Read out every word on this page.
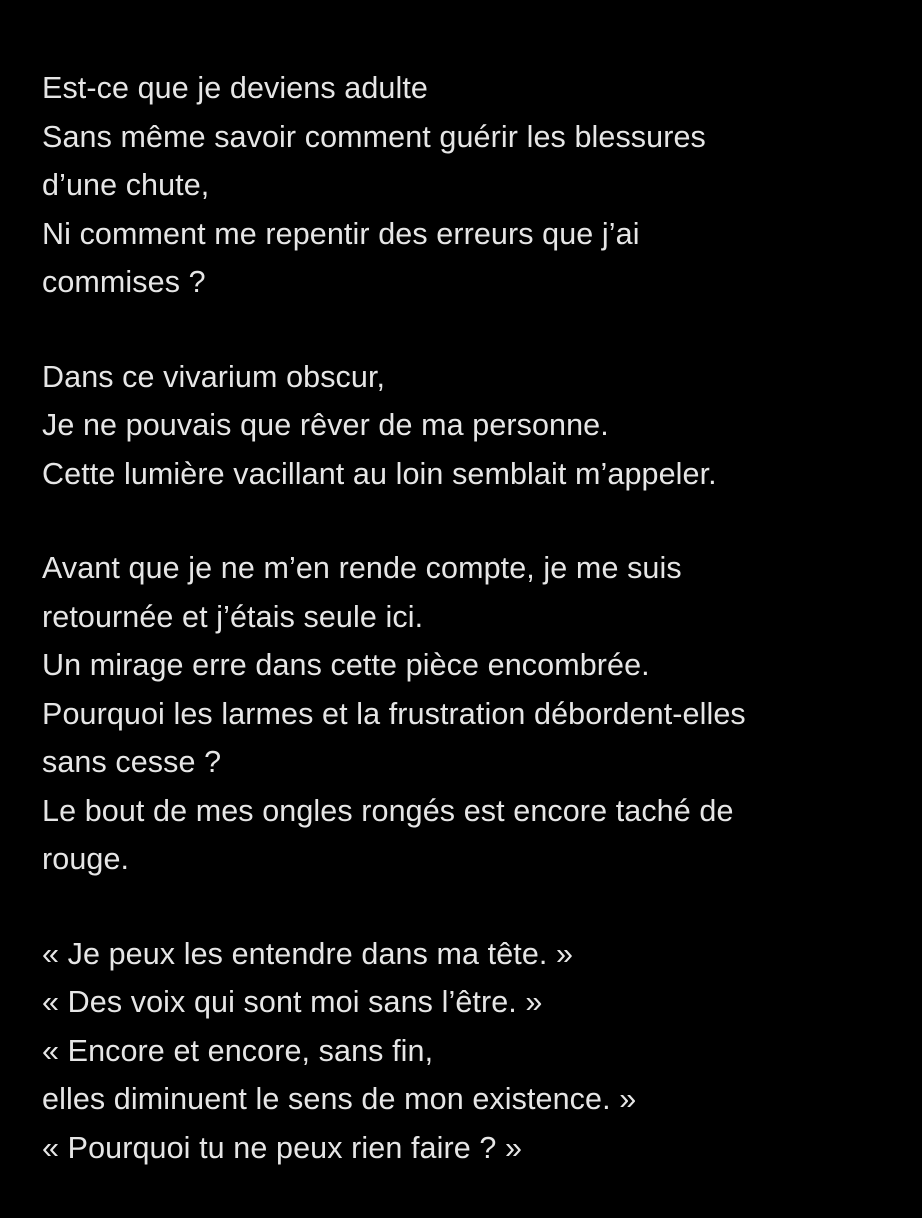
Est-ce que je deviens adulte
Sans même savoir comment guérir les blessures
d’une chute,
Ni comment me repentir des erreurs que j’ai
commises ?
Dans ce vivarium obscur,
Je ne pouvais que rêver de ma personne.
Cette lumière vacillant au loin semblait m’appeler.
Avant que je ne m’en rende compte, je me suis
retournée et j’étais seule ici.
Un mirage erre dans cette pièce encombrée.
Pourquoi les larmes et la frustration débordent-elles
sans cesse ?
Le bout de mes ongles rongés est encore taché de
rouge.
« Je peux les entendre dans ma tête. »
« Des voix qui sont moi sans l’être. »
« Encore et encore, sans fin,
elles diminuent le sens de mon existence. »
« Pourquoi tu ne peux rien faire ? »
